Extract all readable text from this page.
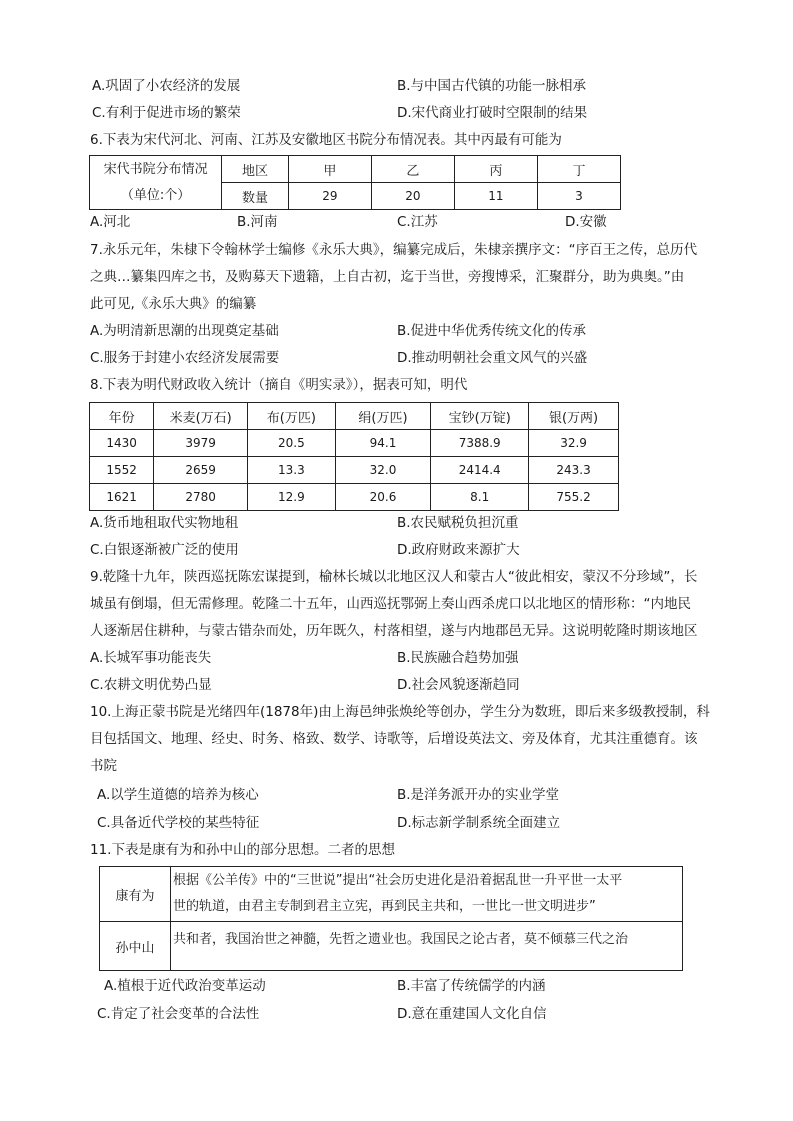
A.巩固了小农经济的发展	B.与中国古代镇的功能一脉相承
C.有利于促进市场的繁荣	D.宋代商业打破时空限制的结果
6.下表为宋代河北、河南、江苏及安徽地区书院分布情况表。其中丙最有可能为
宋代书院分布情况
（单位:个）	地区	甲	乙	丙	丁
	数量	29	20	11	3
A.河北	B.河南	C.江苏	D.安徽
7.永乐元年，朱棣下令翰林学士编修《永乐大典》，编纂完成后，朱棣亲撰序文：“序百王之传，总历代
之典…纂集四库之书，及购募天下遗籍，上自古初，迄于当世，旁搜博采，汇聚群分，助为典奥。”由
此可见,《永乐大典》的编纂
A.为明清新思潮的出现奠定基础	B.促进中华优秀传统文化的传承
C.服务于封建小农经济发展需要	D.推动明朝社会重文风气的兴盛
8.下表为明代财政收入统计（摘自《明实录》），据表可知，明代
年份	米麦(万石)	布(万匹)	绢(万匹)	宝钞(万锭)	银(万两)
1430	3979	20.5	94.1	7388.9	32.9
1552	2659	13.3	32.0	2414.4	243.3
1621	2780	12.9	20.6	8.1	755.2
A.货币地租取代实物地租	B.农民赋税负担沉重
C.白银逐渐被广泛的使用	D.政府财政来源扩大
9.乾隆十九年，陕西巡抚陈宏谋提到，榆林长城以北地区汉人和蒙古人“彼此相安，蒙汉不分珍域”，长
城虽有倒塌，但无需修理。乾隆二十五年，山西巡抚鄂弼上奏山西杀虎口以北地区的情形称：“内地民
人逐渐居住耕种，与蒙古错杂而处，历年既久，村落相望，遂与内地郡邑无异。这说明乾隆时期该地区
A.长城军事功能丧失	B.民族融合趋势加强
C.农耕文明优势凸显	D.社会风貌逐渐趋同
10.上海正蒙书院是光绪四年(1878年)由上海邑绅张焕纶等创办，学生分为数班，即后来多级教授制，科
目包括国文、地理、经史、时务、格致、数学、诗歌等，后增设英法文、旁及体育，尤其注重德育。该
书院
A.以学生道德的培养为核心	B.是洋务派开办的实业学堂
C.具备近代学校的某些特征	D.标志新学制系统全面建立
11.下表是康有为和孙中山的部分思想。二者的思想
康有为	根据《公羊传》中的“三世说”提出“社会历史进化是沿着据乱世一升平世一太平
世的轨道，由君主专制到君主立宪，再到民主共和，一世比一世文明进步”

孙中山	共和者，我国治世之神髓，先哲之遗业也。我国民之论古者，莫不倾慕三代之治
A.植根于近代政治变革运动	B.丰富了传统儒学的内涵
C.肯定了社会变革的合法性	D.意在重建国人文化自信
